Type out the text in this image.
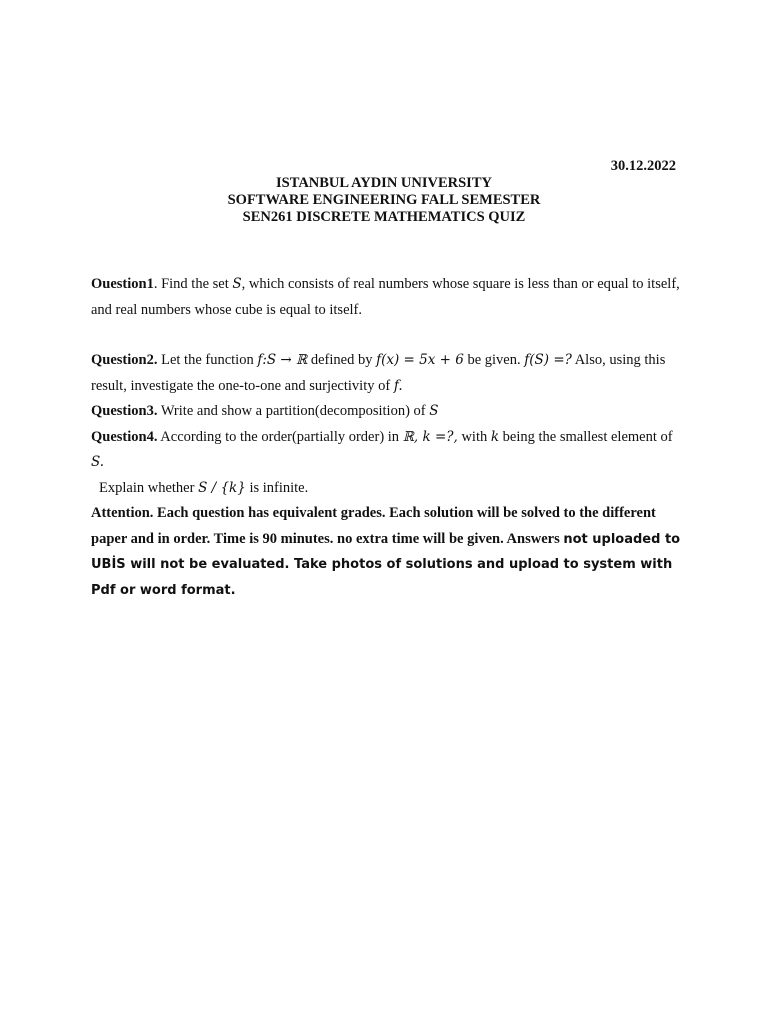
30.12.2022
ISTANBUL AYDIN UNIVERSITY
SOFTWARE ENGINEERING FALL SEMESTER
SEN261 DISCRETE MATHEMATICS QUIZ

Ouestion1. Find the set S, which consists of real numbers whose square is less than or equal to itself, and real numbers whose cube is equal to itself.

Question2. Let the function f:S → ℝ defined by f(x) = 5x + 6 be given. f(S) =? Also, using this result, investigate the one-to-one and surjectivity of f.

Question3. Write and show a partition(decomposition) of S

Question4. According to the order(partially order) in ℝ, k =?, with k being the smallest element of S.

Explain whether S / {k} is infinite.

Attention. Each question has equivalent grades. Each solution will be solved to the different paper and in order. Time is 90 minutes. no extra time will be given. Answers not uploaded to UBİS will not be evaluated. Take photos of solutions and upload to system with Pdf or word format.
